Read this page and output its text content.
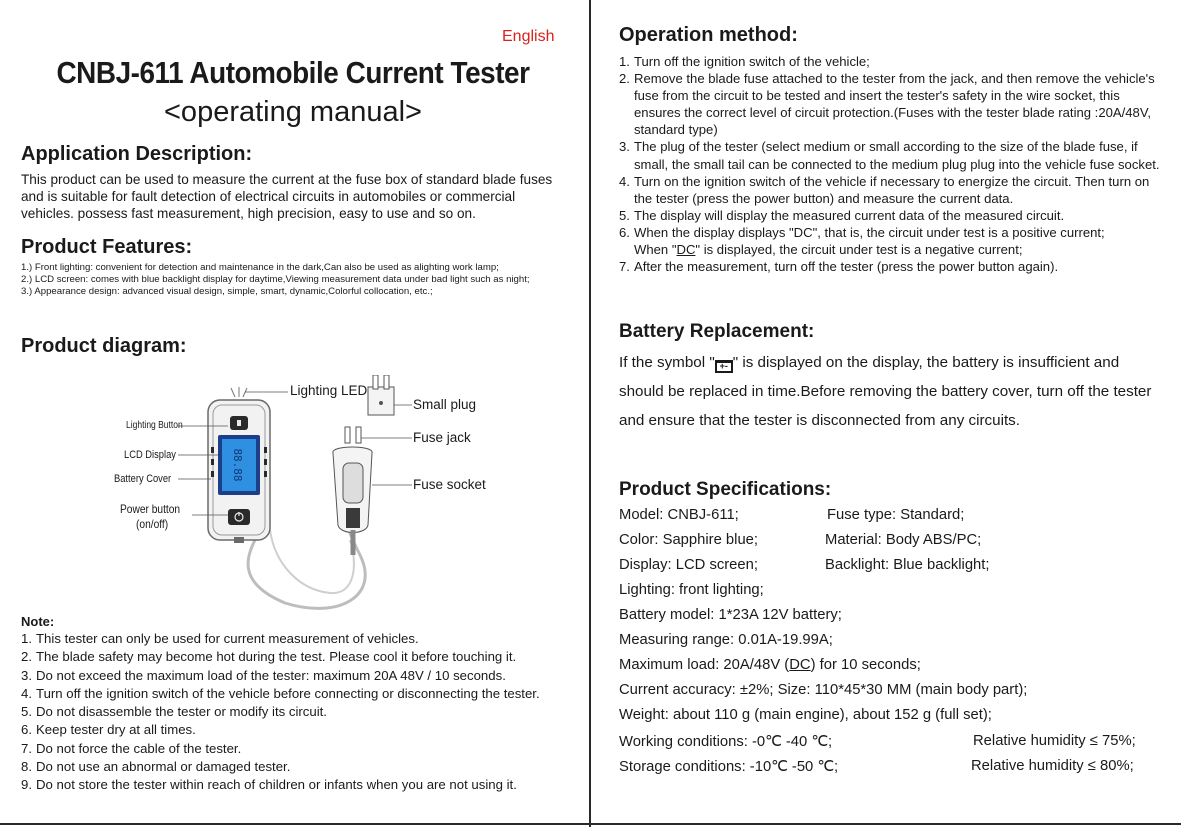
English
CNBJ-611 Automobile Current Tester
<operating manual>
Application Description:
This product can be used to measure the current at the fuse box of standard blade fuses and is suitable for fault detection of electrical circuits in automobiles or commercial vehicles. possess fast measurement, high precision, easy to use and so on.
Product Features:
1.) Front lighting: convenient for detection and maintenance in the dark,Can also be used as alighting work lamp;
2.) LCD screen: comes with blue backlight display for daytime,Viewing measurement data under bad light such as night;
3.) Appearance design: advanced visual design, simple, smart, dynamic,Colorful collocation, etc.;
Product diagram:
88.88
Lighting LED
Small plug
Lighting Button
Fuse jack
LCD Display
Battery Cover	Fuse socket
Power button
(on/off)
Note:
1. This tester can only be used for current measurement of vehicles.
2. The blade safety may become hot during the test. Please cool it before touching it.
3. Do not exceed the maximum load of the tester: maximum 20A 48V / 10 seconds.
4. Turn off the ignition switch of the vehicle before connecting or disconnecting the tester.
5. Do not disassemble the tester or modify its circuit.
6. Keep tester dry at all times.
7. Do not force the cable of the tester.
8. Do not use an abnormal or damaged tester.
9. Do not store the tester within reach of children or infants when you are not using it.
Operation method:
1. Turn off the ignition switch of the vehicle;
2. Remove the blade fuse attached to the tester from the jack, and then remove the vehicle's fuse from the circuit to be tested and insert the tester's safety in the wire socket, this ensures the correct level of circuit protection.(Fuses with the tester blade rating :20A/48V, standard type)
3. The plug of the tester (select medium or small according to the size of the blade fuse, if small, the small tail can be connected to the medium plug plug into the vehicle fuse socket.
4. Turn on the ignition switch of the vehicle if necessary to energize the circuit. Then turn on the tester (press the power button) and measure the current data.
5. The display will display the measured current data of the measured circuit.
6. When the display displays "DC", that is, the circuit under test is a positive current;
When "DC" is displayed, the circuit under test is a negative current;
7. After the measurement, turn off the tester (press the power button again).
Battery Replacement:
If the symbol " +- " is displayed on the display, the battery is insufficient and should be replaced in time.Before removing the battery cover, turn off the tester and ensure that the tester is disconnected from any circuits.
Product Specifications:
Model: CNBJ-611;	Fuse type: Standard;
Color: Sapphire blue;	Material: Body ABS/PC;
Display: LCD screen;	Backlight: Blue backlight;
Lighting: front lighting;
Battery model: 1*23A 12V battery;
Measuring range: 0.01A-19.99A;
Maximum load: 20A/48V (DC) for 10 seconds;
Current accuracy: ±2%; Size: 110*45*30 MM (main body part);
Weight: about 110 g (main engine), about 152 g (full set);
Working conditions: -0℃ -40 ℃;	Relative humidity ≤ 75%;
Storage conditions: -10℃ -50 ℃;	Relative humidity ≤ 80%;
